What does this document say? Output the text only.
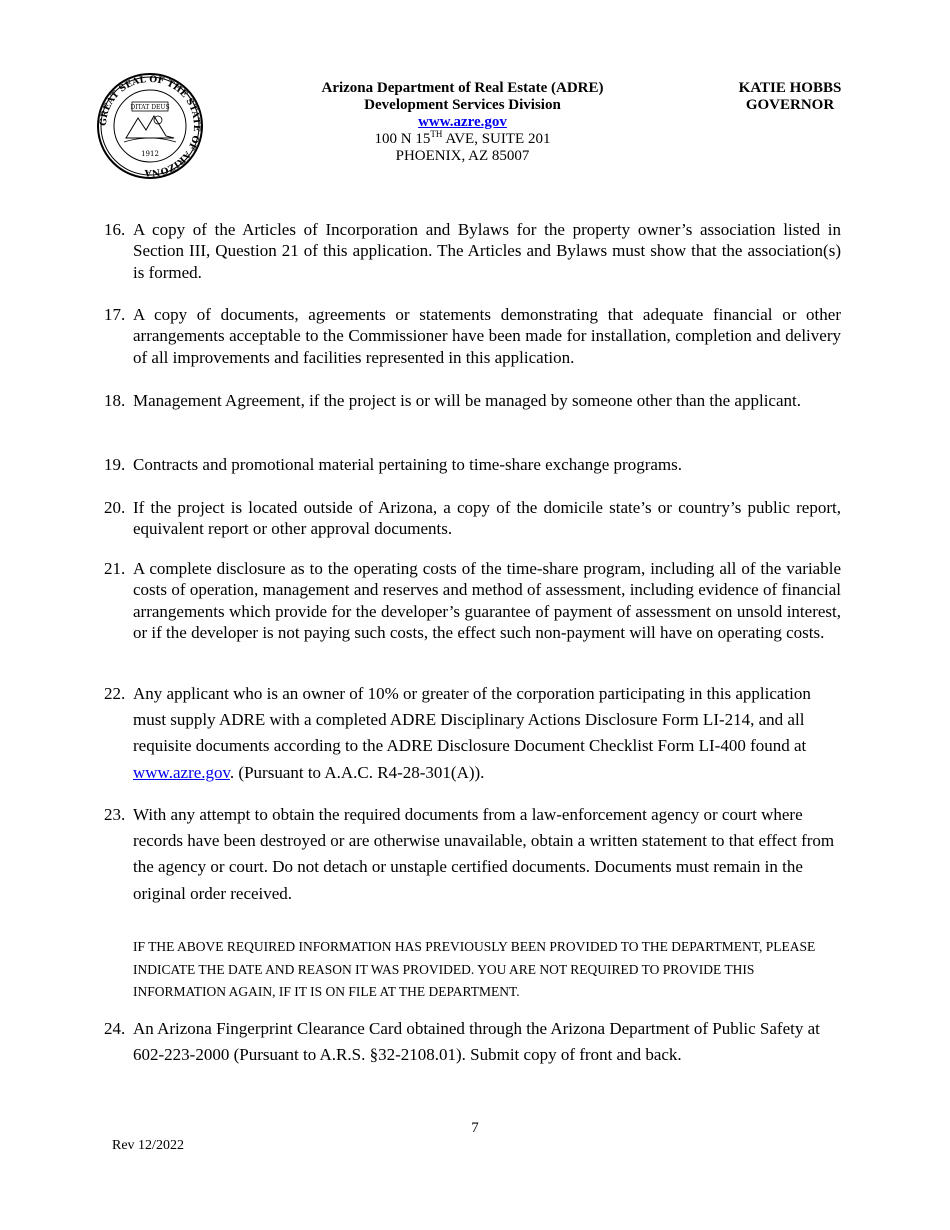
GREAT SEAL OF THE STATE OF ARIZONA
DITAT DEUS
1912
Arizona Department of Real Estate (ADRE)
Development Services Division
www.azre.gov
100 N 15TH AVE, SUITE 201
PHOENIX, AZ 85007
KATIE HOBBS
GOVERNOR
16. A copy of the Articles of Incorporation and Bylaws for the property owner’s association listed in Section III, Question 21 of this application. The Articles and Bylaws must show that the association(s) is formed.
17. A copy of documents, agreements or statements demonstrating that adequate financial or other arrangements acceptable to the Commissioner have been made for installation, completion and delivery of all improvements and facilities represented in this application.
18. Management Agreement, if the project is or will be managed by someone other than the applicant.
19. Contracts and promotional material pertaining to time-share exchange programs.
20. If the project is located outside of Arizona, a copy of the domicile state’s or country’s public report, equivalent report or other approval documents.
21. A complete disclosure as to the operating costs of the time-share program, including all of the variable costs of operation, management and reserves and method of assessment, including evidence of financial arrangements which provide for the developer’s guarantee of payment of assessment on unsold interest, or if the developer is not paying such costs, the effect such non-payment will have on operating costs.
22. Any applicant who is an owner of 10% or greater of the corporation participating in this application must supply ADRE with a completed ADRE Disciplinary Actions Disclosure Form LI-214, and all requisite documents according to the ADRE Disclosure Document Checklist Form LI-400 found at www.azre.gov. (Pursuant to A.A.C. R4-28-301(A)).
23. With any attempt to obtain the required documents from a law-enforcement agency or court where records have been destroyed or are otherwise unavailable, obtain a written statement to that effect from the agency or court. Do not detach or unstaple certified documents. Documents must remain in the original order received.
IF THE ABOVE REQUIRED INFORMATION HAS PREVIOUSLY BEEN PROVIDED TO THE DEPARTMENT, PLEASE INDICATE THE DATE AND REASON IT WAS PROVIDED. YOU ARE NOT REQUIRED TO PROVIDE THIS INFORMATION AGAIN, IF IT IS ON FILE AT THE DEPARTMENT.
24. An Arizona Fingerprint Clearance Card obtained through the Arizona Department of Public Safety at 602-223-2000 (Pursuant to A.R.S. §32-2108.01). Submit copy of front and back.
7
Rev 12/2022
